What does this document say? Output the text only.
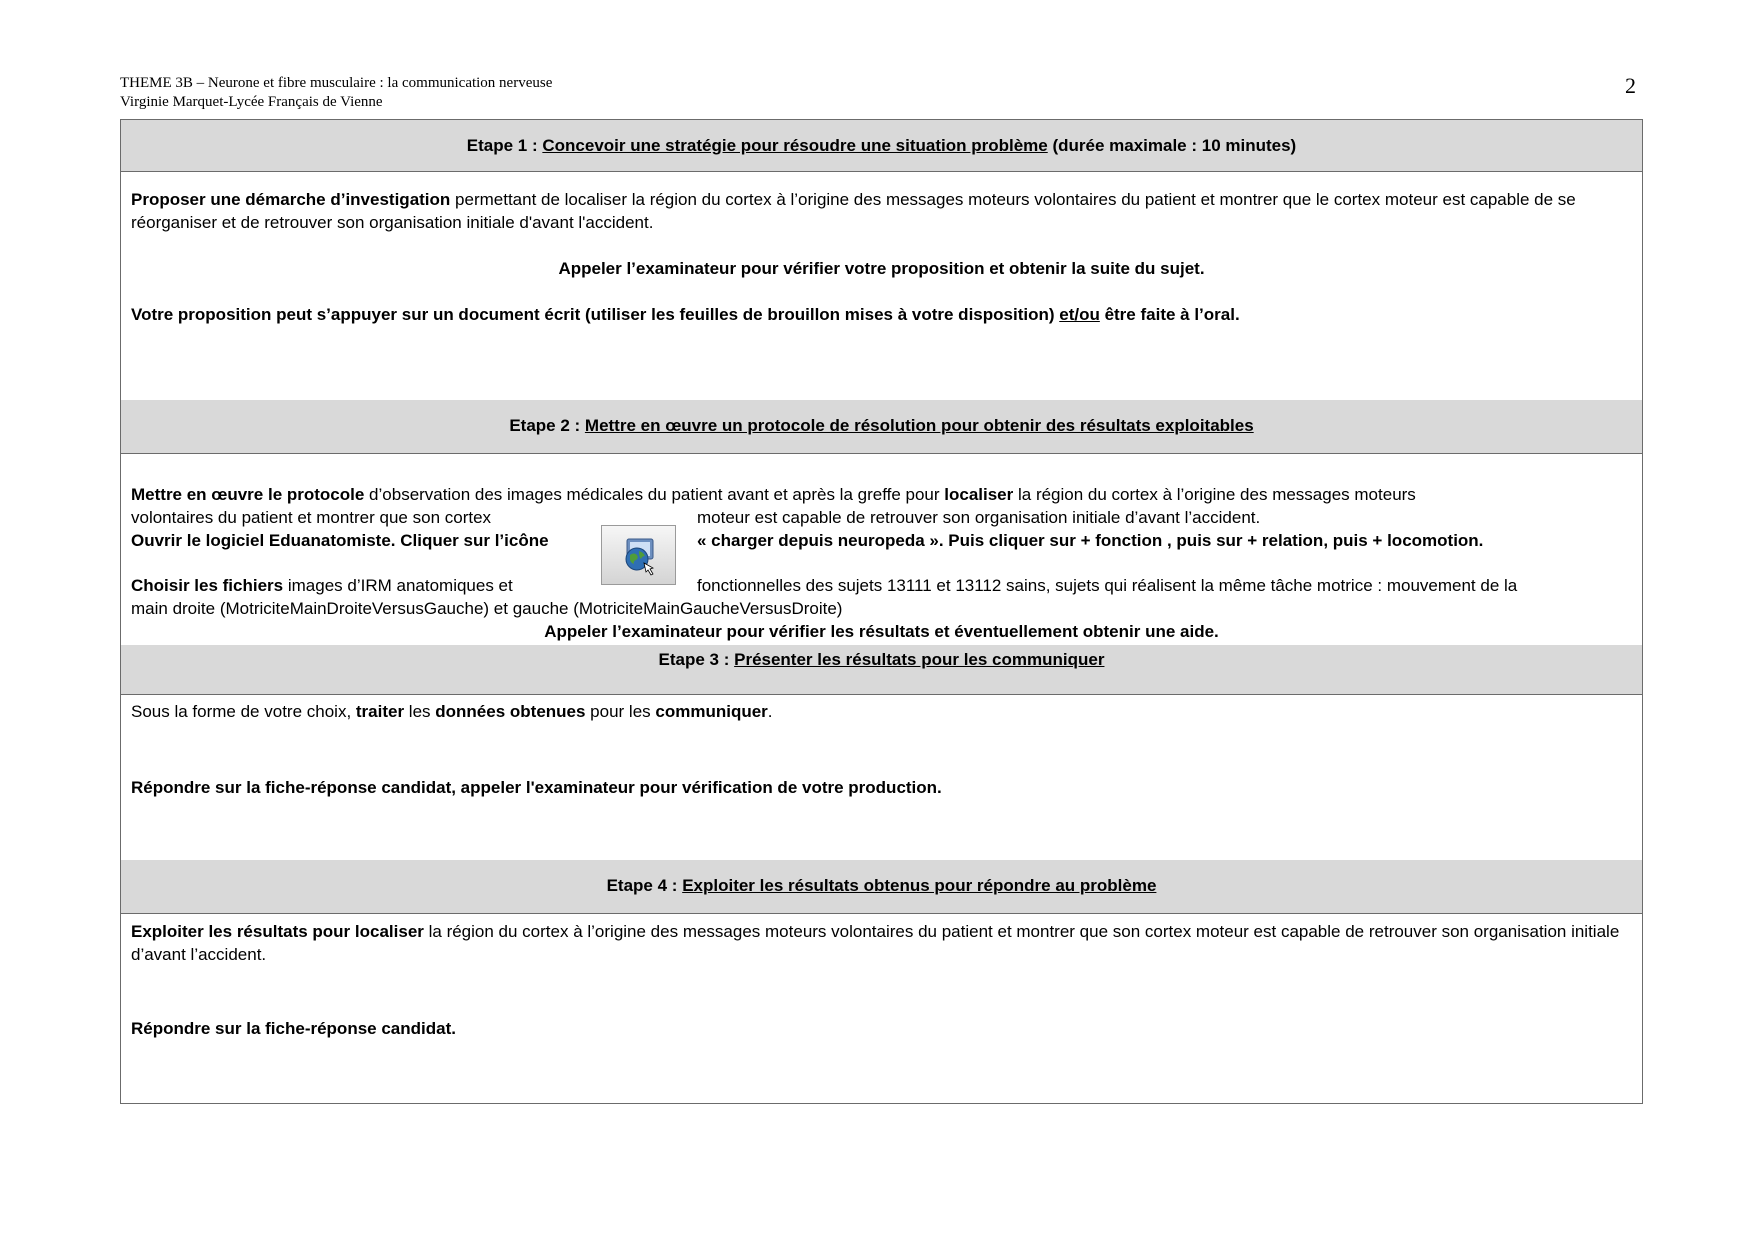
THEME 3B – Neurone et fibre musculaire : la communication nerveuse
Virginie Marquet-Lycée Français de Vienne
2
Etape 1 : Concevoir une stratégie pour résoudre une situation problème (durée maximale : 10 minutes)

Proposer une démarche d’investigation permettant de localiser la région du cortex à l’origine des messages moteurs volontaires du patient et montrer que le cortex moteur est capable de se réorganiser et de retrouver son organisation initiale d'avant l'accident.

Appeler l’examinateur pour vérifier votre proposition et obtenir la suite du sujet.

Votre proposition peut s’appuyer sur un document écrit (utiliser les feuilles de brouillon mises à votre disposition) et/ou être faite à l’oral.

Etape 2 : Mettre en œuvre un protocole de résolution pour obtenir des résultats exploitables

Mettre en œuvre le protocole d’observation des images médicales du patient avant et après la greffe pour localiser la région du cortex à l’origine des messages moteurs

volontaires du patient et montrer que son cortex	moteur est capable de retrouver son organisation initiale d’avant l’accident.
Ouvrir le logiciel Eduanatomiste. Cliquer sur l’icône	« charger depuis neuropeda ». Puis cliquer sur + fonction , puis sur + relation, puis + locomotion.
Choisir les fichiers images d’IRM anatomiques et	fonctionnelles des sujets 13111 et 13112 sains, sujets qui réalisent la même tâche motrice : mouvement de la

main droite (MotriciteMainDroiteVersusGauche) et gauche (MotriciteMainGaucheVersusDroite)

Appeler l’examinateur pour vérifier les résultats et éventuellement obtenir une aide.

Etape 3 : Présenter les résultats pour les communiquer

Sous la forme de votre choix, traiter les données obtenues pour les communiquer.

Répondre sur la fiche-réponse candidat, appeler l'examinateur pour vérification de votre production.

Etape 4 : Exploiter les résultats obtenus pour répondre au problème

Exploiter les résultats pour localiser la région du cortex à l’origine des messages moteurs volontaires du patient et montrer que son cortex moteur est capable de retrouver son organisation initiale d’avant l’accident.

Répondre sur la fiche-réponse candidat.
